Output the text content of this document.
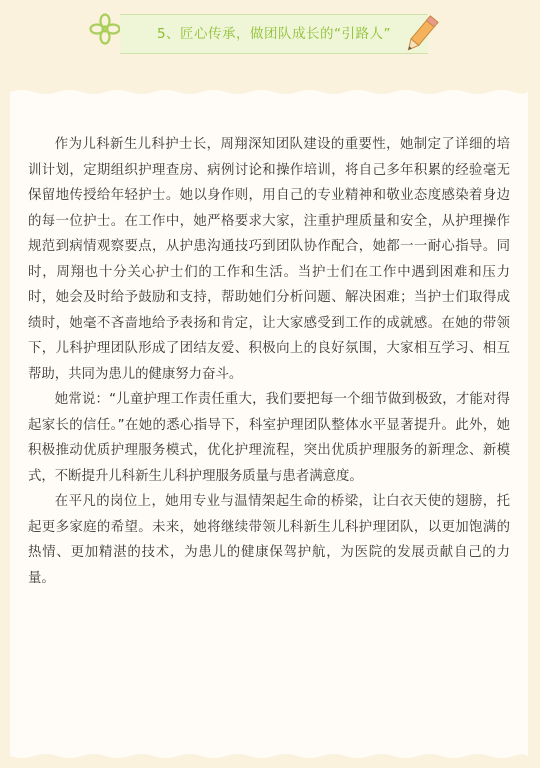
5、匠心传承，做团队成长的“引路人”

作为儿科新生儿科护士长，周翔深知团队建设的重要性，她制定了详细的培训计划，定期组织护理查房、病例讨论和操作培训，将自己多年积累的经验毫无保留地传授给年轻护士。她以身作则，用自己的专业精神和敬业态度感染着身边的每一位护士。在工作中，她严格要求大家，注重护理质量和安全，从护理操作规范到病情观察要点，从护患沟通技巧到团队协作配合，她都一一耐心指导。同时，周翔也十分关心护士们的工作和生活。当护士们在工作中遇到困难和压力时，她会及时给予鼓励和支持，帮助她们分析问题、解决困难；当护士们取得成绩时，她毫不吝啬地给予表扬和肯定，让大家感受到工作的成就感。在她的带领下，儿科护理团队形成了团结友爱、积极向上的良好氛围，大家相互学习、相互帮助，共同为患儿的健康努力奋斗。

她常说：“儿童护理工作责任重大，我们要把每一个细节做到极致，才能对得起家长的信任。”在她的悉心指导下，科室护理团队整体水平显著提升。此外，她积极推动优质护理服务模式，优化护理流程，突出优质护理服务的新理念、新模式，不断提升儿科新生儿科护理服务质量与患者满意度。

在平凡的岗位上，她用专业与温情架起生命的桥梁，让白衣天使的翅膀，托起更多家庭的希望。未来，她将继续带领儿科新生儿科护理团队，以更加饱满的热情、更加精湛的技术，为患儿的健康保驾护航，为医院的发展贡献自己的力量。
